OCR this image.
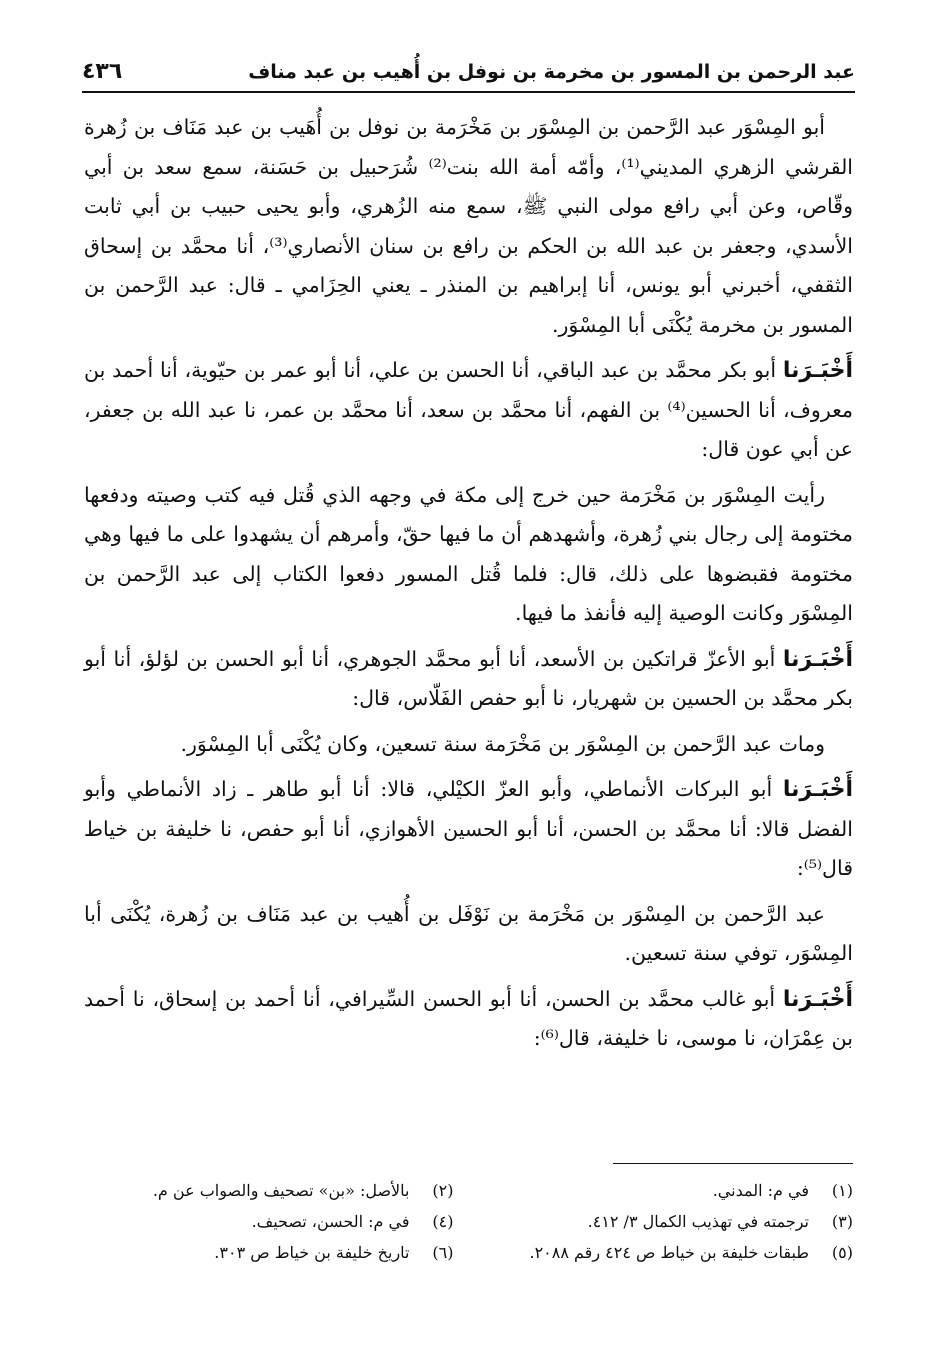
عبد الرحمن بن المسور بن مخرمة بن نوفل بن أُهيب بن عبد مناف
٤٣٦

أبو المِسْوَر عبد الرَّحمن بن المِسْوَر بن مَخْرَمة بن نوفل بن أُهَيب بن عبد مَنَاف بن زُهرة القرشي الزهري المديني⁽¹⁾، وأمّه أمة الله بنت⁽²⁾ شُرَحبيل بن حَسَنة، سمع سعد بن أبي وقّاص، وعن أبي رافع مولى النبي ﷺ، سمع منه الزُهري، وأبو يحيى حبيب بن أبي ثابت الأسدي، وجعفر بن عبد الله بن الحكم بن رافع بن سنان الأنصاري⁽³⁾، أنا محمَّد بن إسحاق الثقفي، أخبرني أبو يونس، أنا إبراهيم بن المنذر ـ يعني الحِزَامي ـ قال: عبد الرَّحمن بن المسور بن مخرمة يُكْنَى أبا المِسْوَر.

أَخْبَـرَنا أبو بكر محمَّد بن عبد الباقي، أنا الحسن بن علي، أنا أبو عمر بن حيّوية، أنا أحمد بن معروف، أنا الحسين⁽⁴⁾ بن الفهم، أنا محمَّد بن سعد، أنا محمَّد بن عمر، نا عبد الله بن جعفر، عن أبي عون قال:

رأيت المِسْوَر بن مَخْرَمة حين خرج إلى مكة في وجهه الذي قُتل فيه كتب وصيته ودفعها مختومة إلى رجال بني زُهرة، وأشهدهم أن ما فيها حقّ، وأمرهم أن يشهدوا على ما فيها وهي مختومة فقبضوها على ذلك، قال: فلما قُتل المسور دفعوا الكتاب إلى عبد الرَّحمن بن المِسْوَر وكانت الوصية إليه فأنفذ ما فيها.

أَخْبَـرَنا أبو الأعزّ قراتكين بن الأسعد، أنا أبو محمَّد الجوهري، أنا أبو الحسن بن لؤلؤ، أنا أبو بكر محمَّد بن الحسين بن شهريار، نا أبو حفص الفَلّاس، قال:

ومات عبد الرَّحمن بن المِسْوَر بن مَخْرَمة سنة تسعين، وكان يُكْنَى أبا المِسْوَر.

أَخْبَـرَنا أبو البركات الأنماطي، وأبو العزّ الكيْلي، قالا: أنا أبو طاهر ـ زاد الأنماطي وأبو الفضل قالا: أنا محمَّد بن الحسن، أنا أبو الحسين الأهوازي، أنا أبو حفص، نا خليفة بن خياط قال⁽⁵⁾:

عبد الرَّحمن بن المِسْوَر بن مَخْرَمة بن نَوْفَل بن أُهيب بن عبد مَنَاف بن زُهرة، يُكْنَى أبا المِسْوَر، توفي سنة تسعين.

أَخْبَـرَنا أبو غالب محمَّد بن الحسن، أنا أبو الحسن السِّيرافي، أنا أحمد بن إسحاق، نا أحمد بن عِمْرَان، نا موسى، نا خليفة، قال⁽⁶⁾:

(١)
في م: المدني.
(٢)
بالأصل: «بن» تصحيف والصواب عن م.
(٣)
ترجمته في تهذيب الكمال ٣/ ٤١٢.
(٤)
في م: الحسن، تصحيف.
(٥)
طبقات خليفة بن خياط ص ٤٢٤ رقم ٢٠٨٨.
(٦)
تاريخ خليفة بن خياط ص ٣٠٣.
